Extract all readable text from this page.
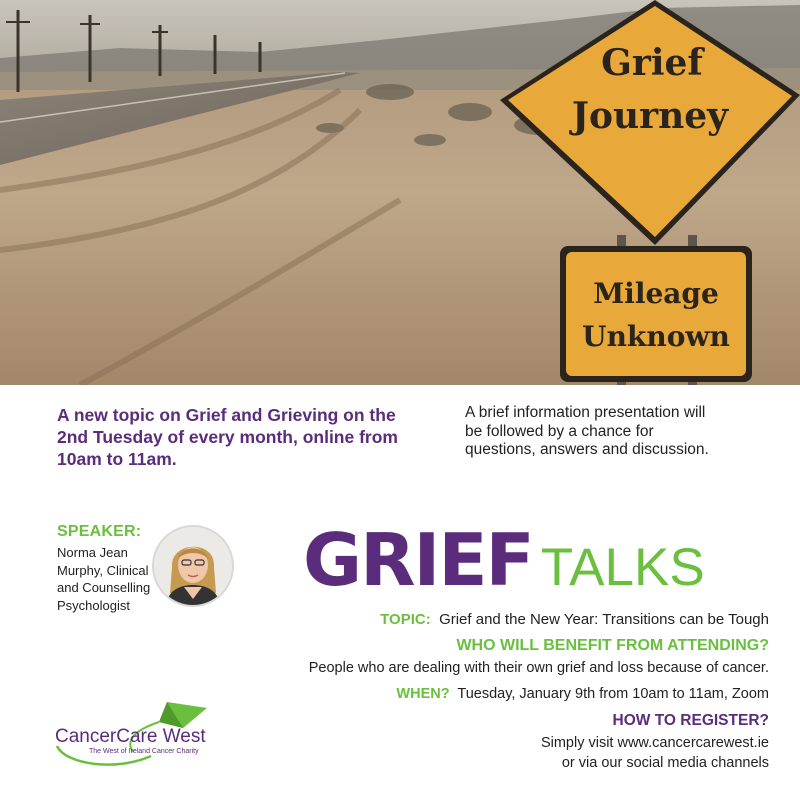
Grief
Journey
Mileage
Unknown
A new topic on Grief and Grieving on the 2nd Tuesday of every month, online from 10am to 11am.
A brief information presentation will be followed by a chance for questions, answers and discussion.
SPEAKER:
Norma Jean Murphy, Clinical and Counselling Psychologist
GRIEF TALKS
TOPIC: Grief and the New Year: Transitions can be Tough
WHO WILL BENEFIT FROM ATTENDING?
People who are dealing with their own grief and loss because of cancer.
WHEN? Tuesday, January 9th from 10am to 11am, Zoom
HOW TO REGISTER?
Simply visit www.cancercarewest.ie
or via our social media channels
CancerCare West
The West of Ireland Cancer Charity
